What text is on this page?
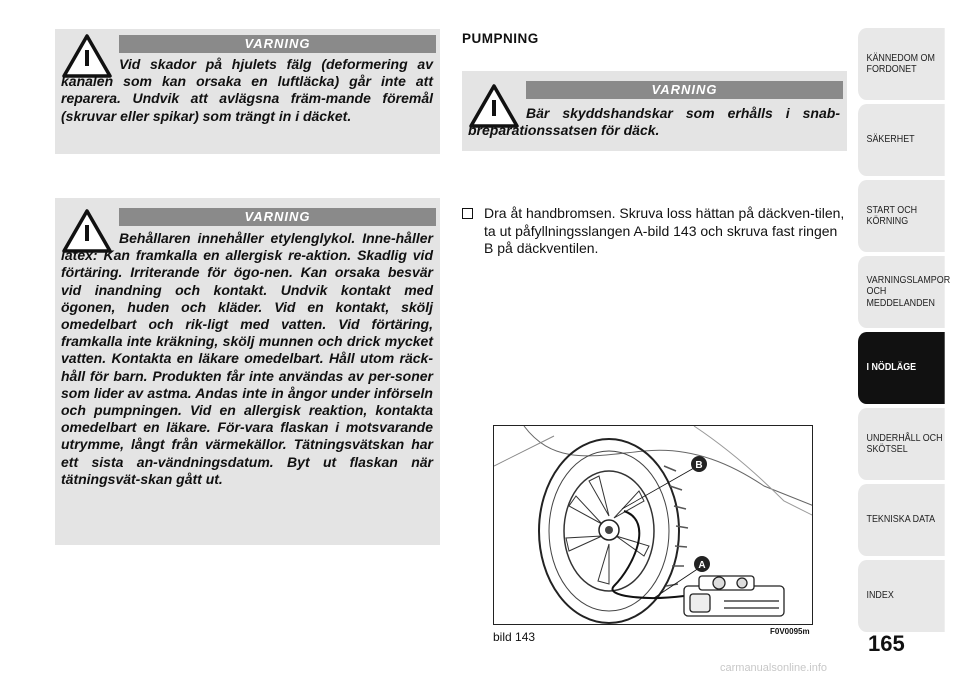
VARNING
Vid skador på hjulets fälg (deformering av kanalen som kan orsaka en luftläcka) går inte att reparera. Undvik att avlägsna främ-mande föremål (skruvar eller spikar) som trängt in i däcket.
VARNING
Behållaren innehåller etylenglykol. Inne-håller latex: Kan framkalla en allergisk re-aktion. Skadlig vid förtäring. Irriterande för ögo-nen. Kan orsaka besvär vid inandning och kontakt. Undvik kontakt med ögonen, huden och kläder. Vid en kontakt, skölj omedelbart och rik-ligt med vatten. Vid förtäring, framkalla inte kräkning, skölj munnen och drick mycket vatten. Kontakta en läkare omedelbart. Håll utom räck-håll för barn. Produkten får inte användas av per-soner som lider av astma. Andas inte in ångor under införseln och pumpningen. Vid en allergisk reaktion, kontakta omedelbart en läkare. För-vara flaskan i motsvarande utrymme, långt från värmekällor. Tätningsvätskan har ett sista an-vändningsdatum. Byt ut flaskan när tätningsvät-skan gått ut.
PUMPNING
VARNING
Bär skyddshandskar som erhålls i snab-breparationssatsen för däck.
Dra åt handbromsen. Skruva loss hättan på däckven-tilen, ta ut påfyllningsslangen A-bild 143 och skruva fast ringen B på däckventilen.
B
A
bild 143	F0V0095m
KÄNNEDOM OM FORDONET
SÄKERHET
START OCH KÖRNING
VARNINGSLAMPOR OCH MEDDELANDEN
I NÖDLÄGE
UNDERHÅLL OCH SKÖTSEL
TEKNISKA DATA
INDEX
165
carmanualsonline.info
